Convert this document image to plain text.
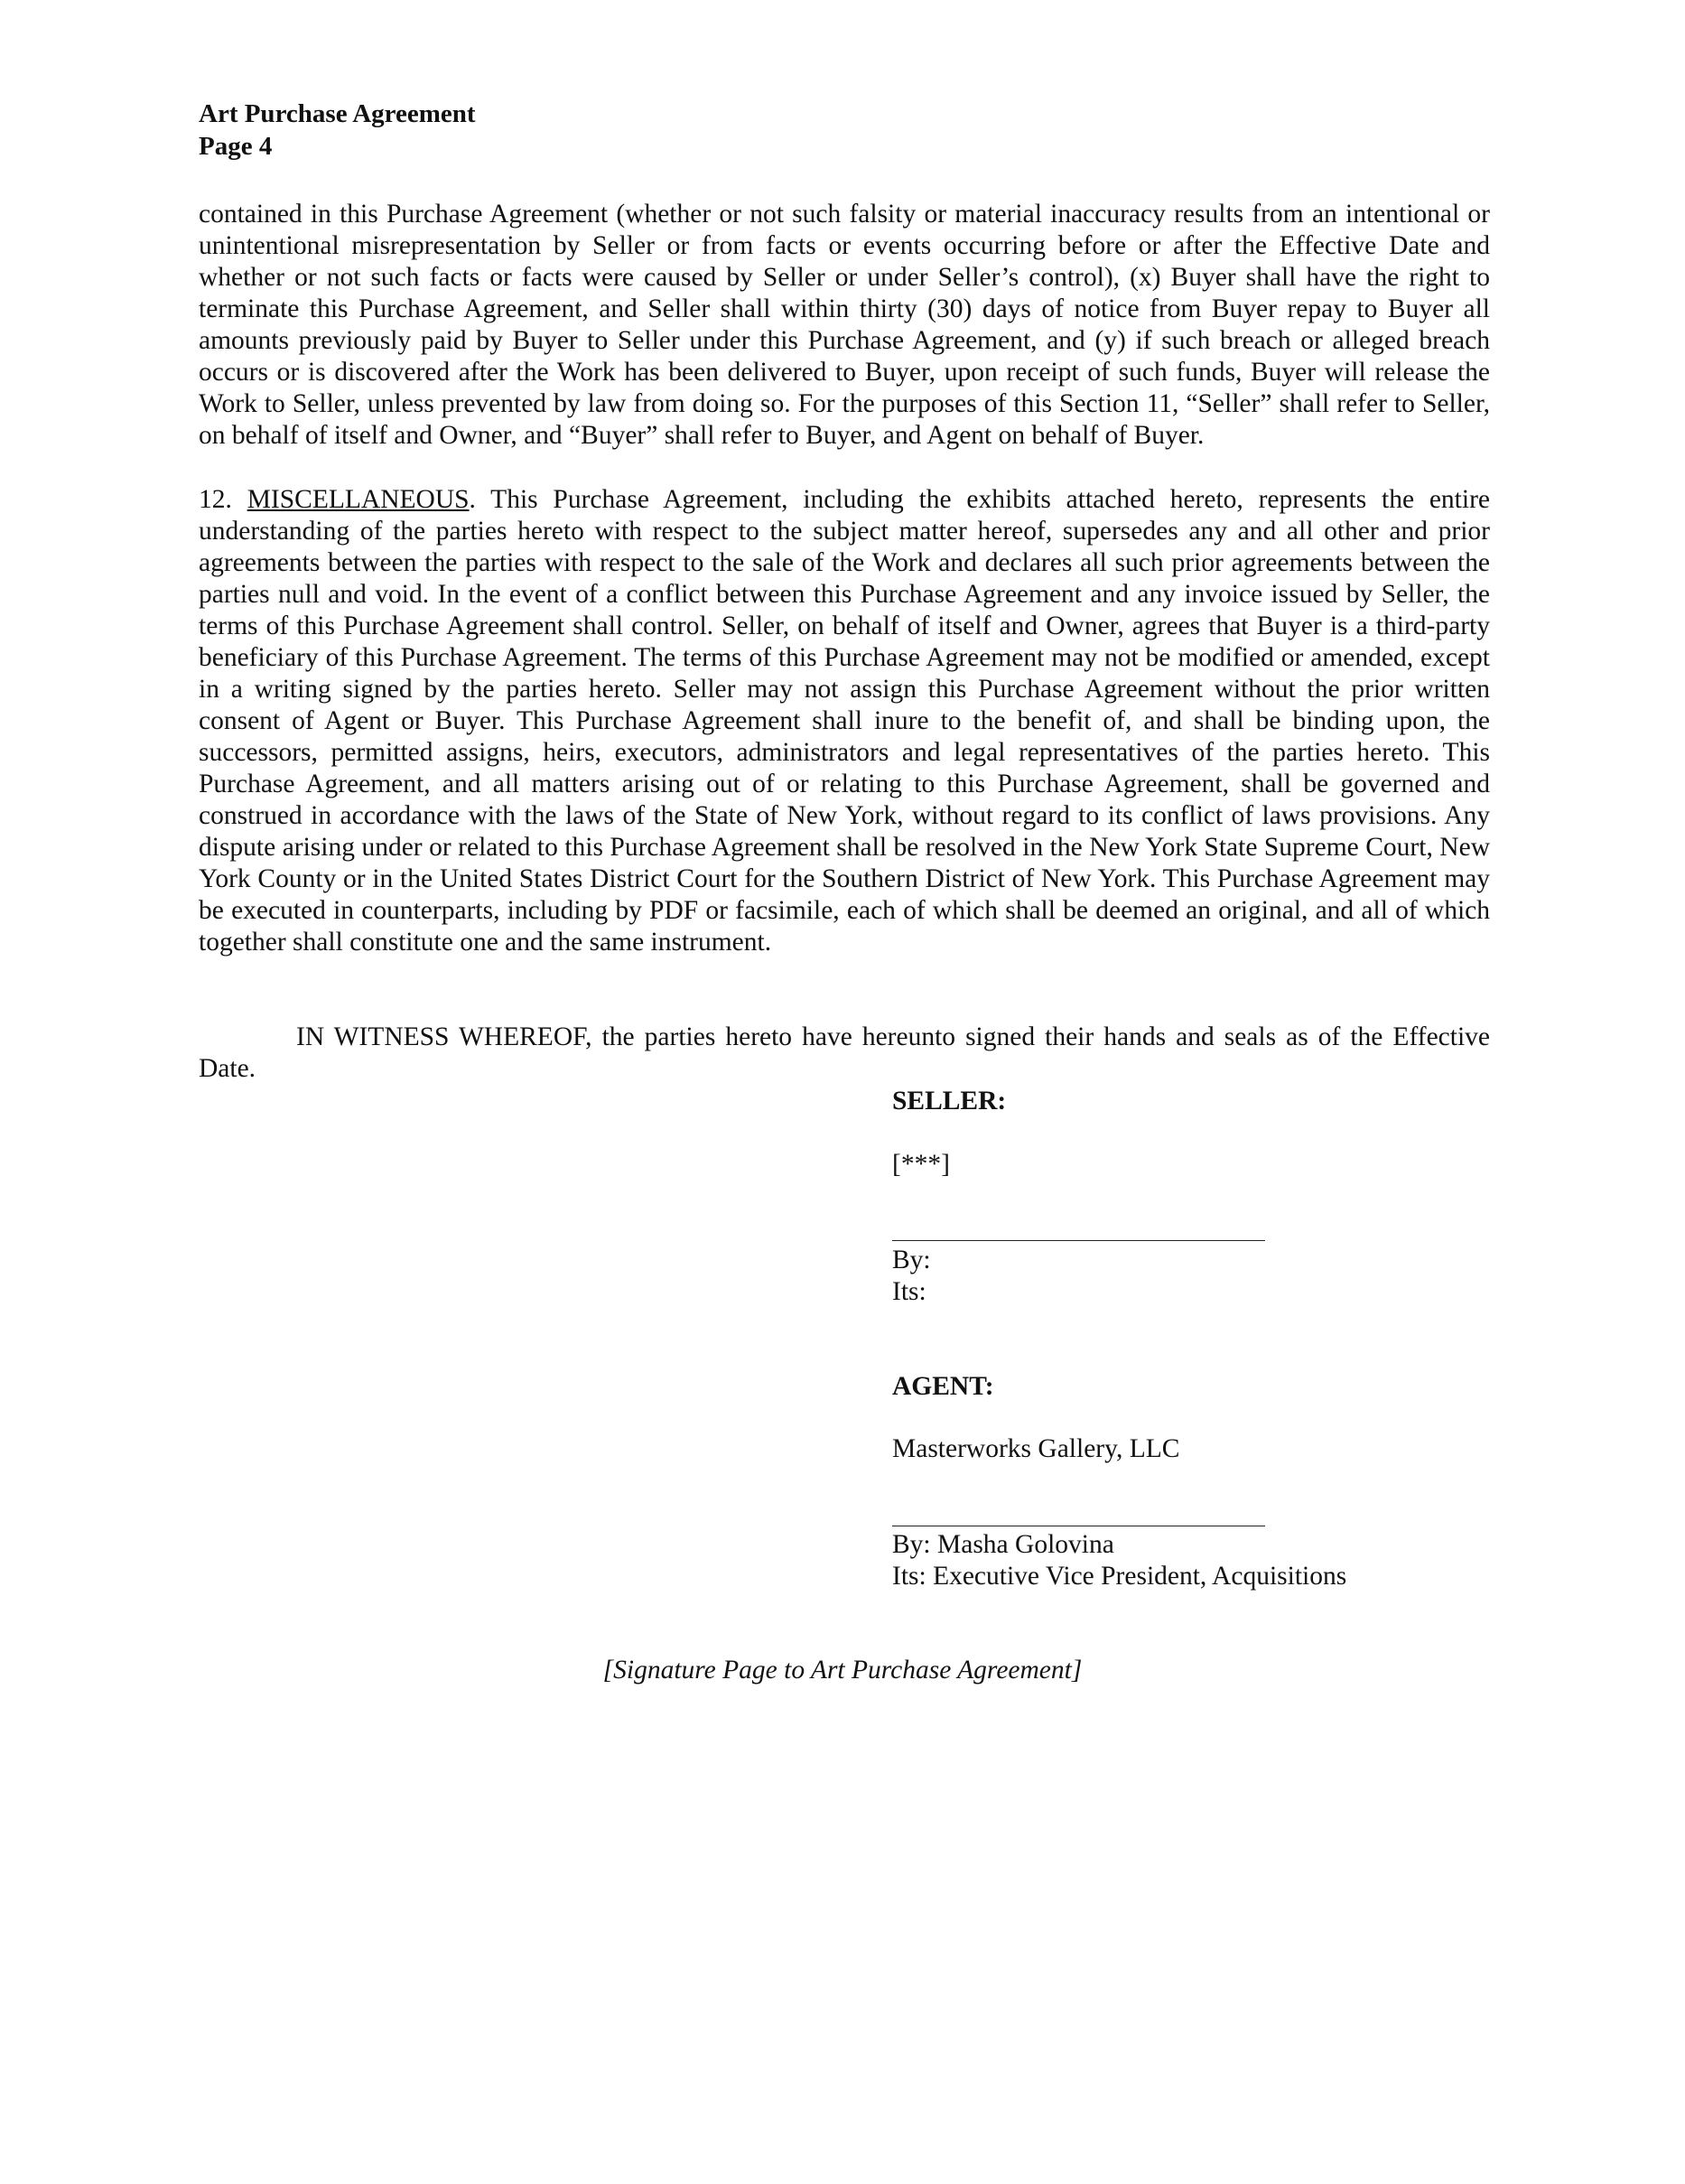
Art Purchase Agreement
Page 4
contained in this Purchase Agreement (whether or not such falsity or material inaccuracy results from an intentional or unintentional misrepresentation by Seller or from facts or events occurring before or after the Effective Date and whether or not such facts or facts were caused by Seller or under Seller’s control), (x) Buyer shall have the right to terminate this Purchase Agreement, and Seller shall within thirty (30) days of notice from Buyer repay to Buyer all amounts previously paid by Buyer to Seller under this Purchase Agreement, and (y) if such breach or alleged breach occurs or is discovered after the Work has been delivered to Buyer, upon receipt of such funds, Buyer will release the Work to Seller, unless prevented by law from doing so. For the purposes of this Section 11, “Seller” shall refer to Seller, on behalf of itself and Owner, and “Buyer” shall refer to Buyer, and Agent on behalf of Buyer.
12. MISCELLANEOUS. This Purchase Agreement, including the exhibits attached hereto, represents the entire understanding of the parties hereto with respect to the subject matter hereof, supersedes any and all other and prior agreements between the parties with respect to the sale of the Work and declares all such prior agreements between the parties null and void. In the event of a conflict between this Purchase Agreement and any invoice issued by Seller, the terms of this Purchase Agreement shall control. Seller, on behalf of itself and Owner, agrees that Buyer is a third-party beneficiary of this Purchase Agreement. The terms of this Purchase Agreement may not be modified or amended, except in a writing signed by the parties hereto. Seller may not assign this Purchase Agreement without the prior written consent of Agent or Buyer. This Purchase Agreement shall inure to the benefit of, and shall be binding upon, the successors, permitted assigns, heirs, executors, administrators and legal representatives of the parties hereto. This Purchase Agreement, and all matters arising out of or relating to this Purchase Agreement, shall be governed and construed in accordance with the laws of the State of New York, without regard to its conflict of laws provisions. Any dispute arising under or related to this Purchase Agreement shall be resolved in the New York State Supreme Court, New York County or in the United States District Court for the Southern District of New York. This Purchase Agreement may be executed in counterparts, including by PDF or facsimile, each of which shall be deemed an original, and all of which together shall constitute one and the same instrument.
IN WITNESS WHEREOF, the parties hereto have hereunto signed their hands and seals as of the Effective Date.
SELLER:
[***]
By:
Its:
AGENT:
Masterworks Gallery, LLC
By: Masha Golovina
Its: Executive Vice President, Acquisitions
[Signature Page to Art Purchase Agreement]
